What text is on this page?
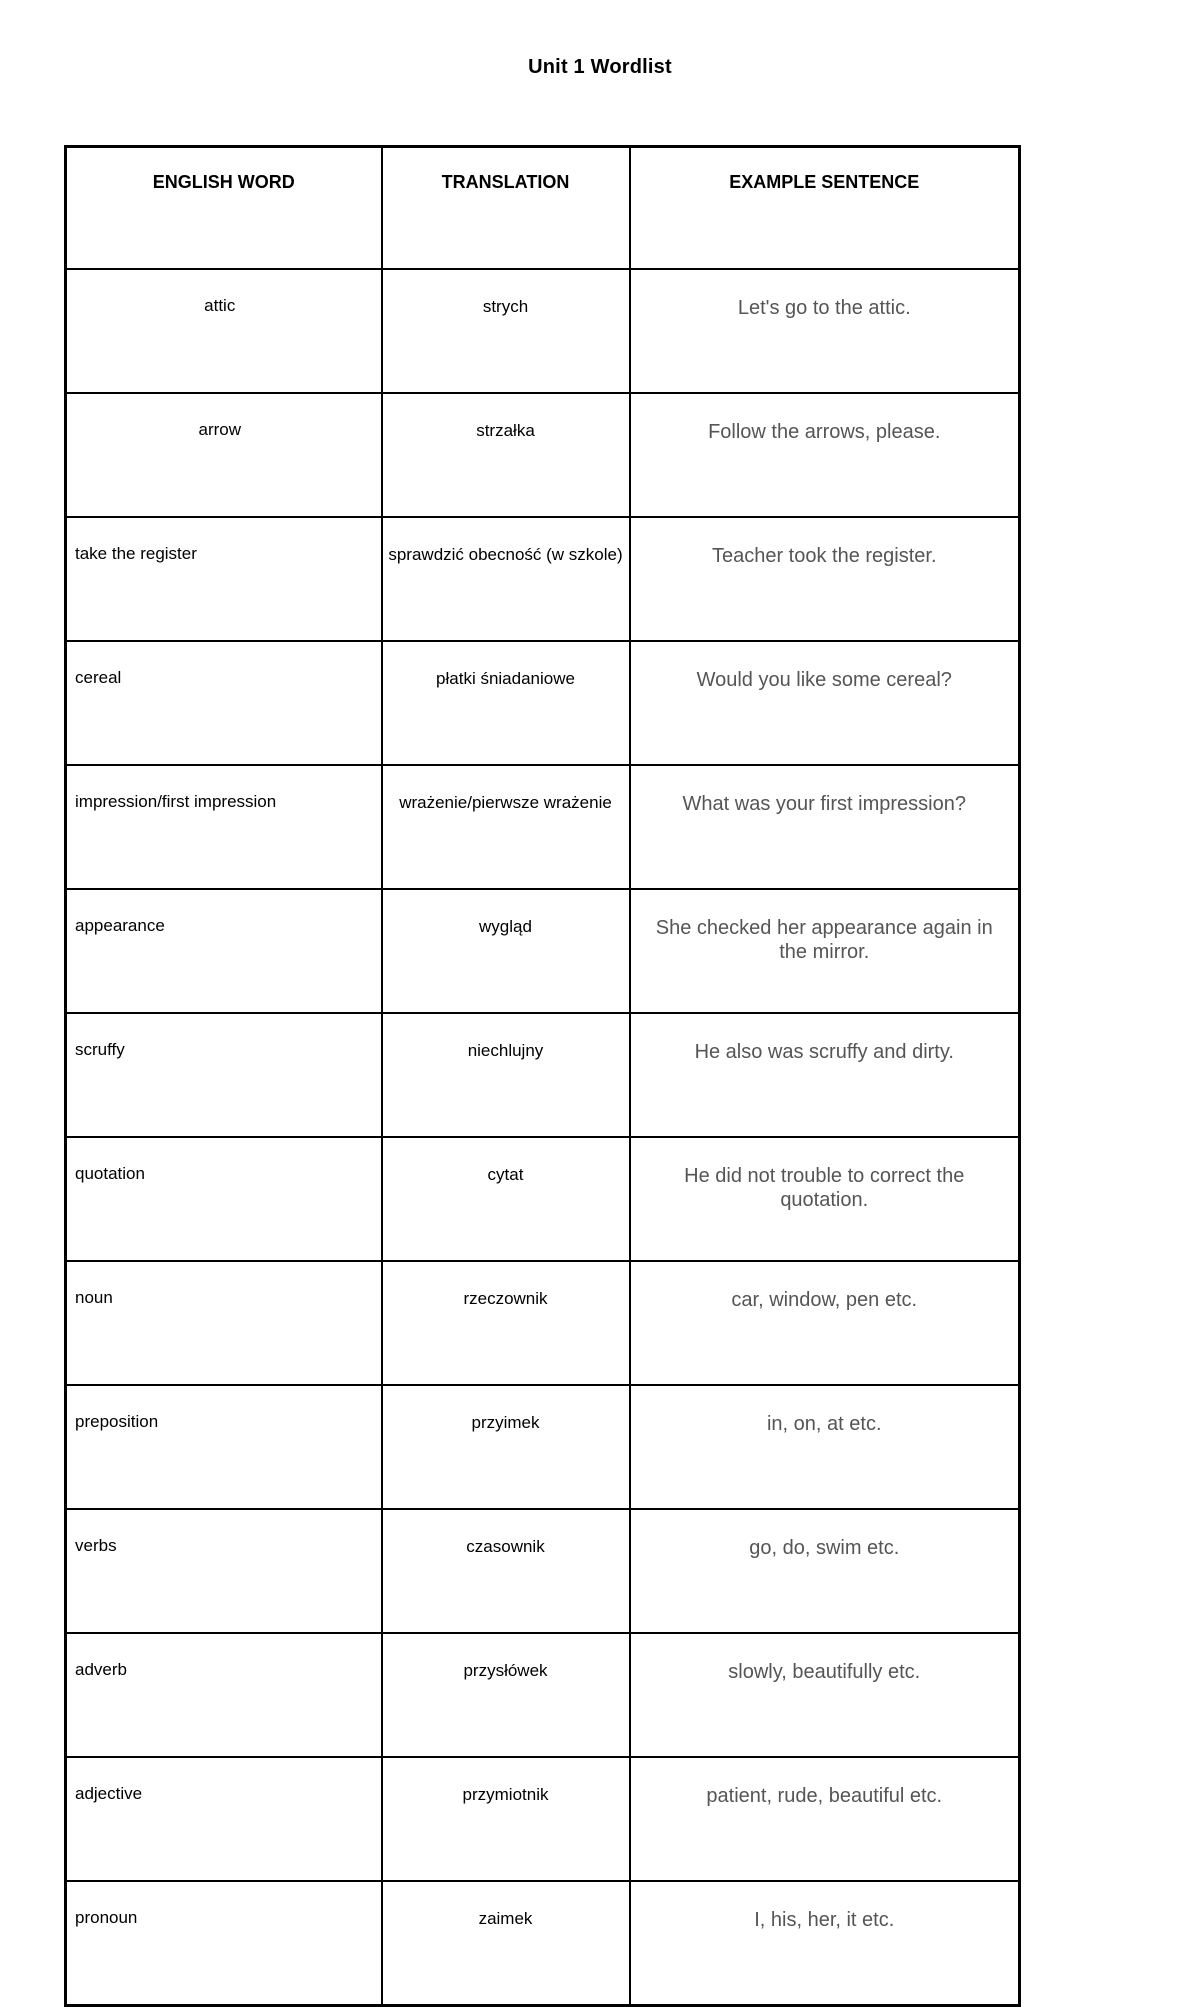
Unit 1 Wordlist
ENGLISH WORD	TRANSLATION	EXAMPLE SENTENCE
attic	strych	Let's go to the attic.
arrow	strzałka	Follow the arrows, please.
take the register	sprawdzić obecność (w szkole)	Teacher took the register.
cereal	płatki śniadaniowe	Would you like some cereal?
impression/first impression	wrażenie/pierwsze wrażenie	What was your first impression?
appearance	wygląd	She checked her appearance again in the mirror.
scruffy	niechlujny	He also was scruffy and dirty.
quotation	cytat	He did not trouble to correct the quotation.
noun	rzeczownik	car, window, pen etc.
preposition	przyimek	in, on, at etc.
verbs	czasownik	go, do, swim etc.
adverb	przysłówek	slowly, beautifully etc.
adjective	przymiotnik	patient, rude, beautiful etc.
pronoun	zaimek	I, his, her, it etc.
